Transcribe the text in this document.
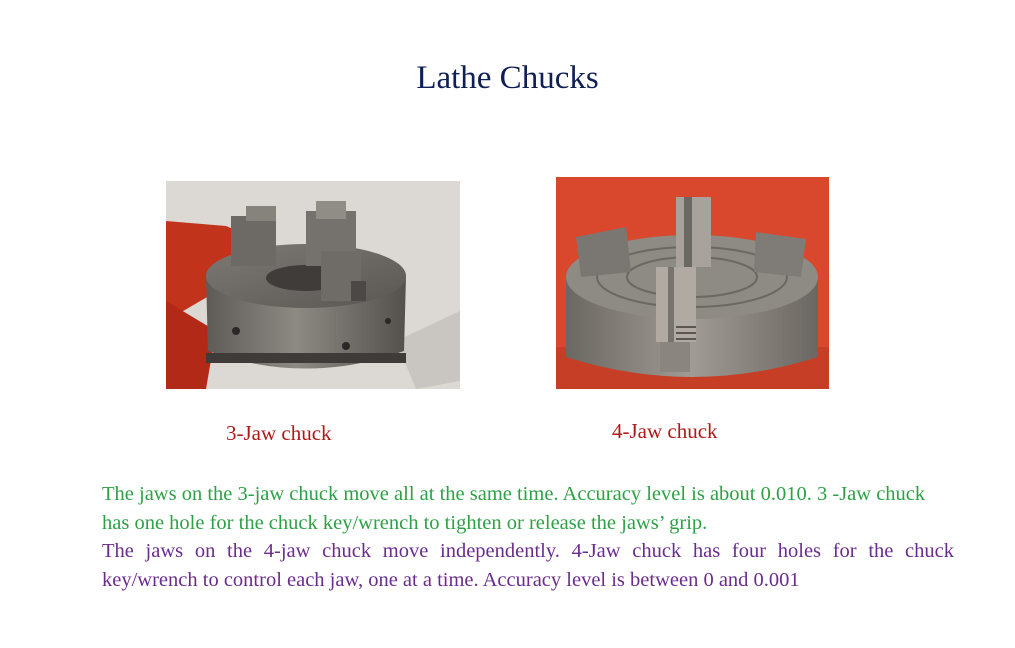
Lathe Chucks
3-Jaw chuck	4-Jaw chuck

The jaws on the 3-jaw chuck move all at the same time. Accuracy level is about 0.010. 3 -Jaw chuck has one hole for the chuck key/wrench to tighten or release the jaws’ grip.

The jaws on the 4-jaw chuck move independently. 4-Jaw chuck has four holes for the chuck key/wrench to control each jaw, one at a time. Accuracy level is between 0 and 0.001
